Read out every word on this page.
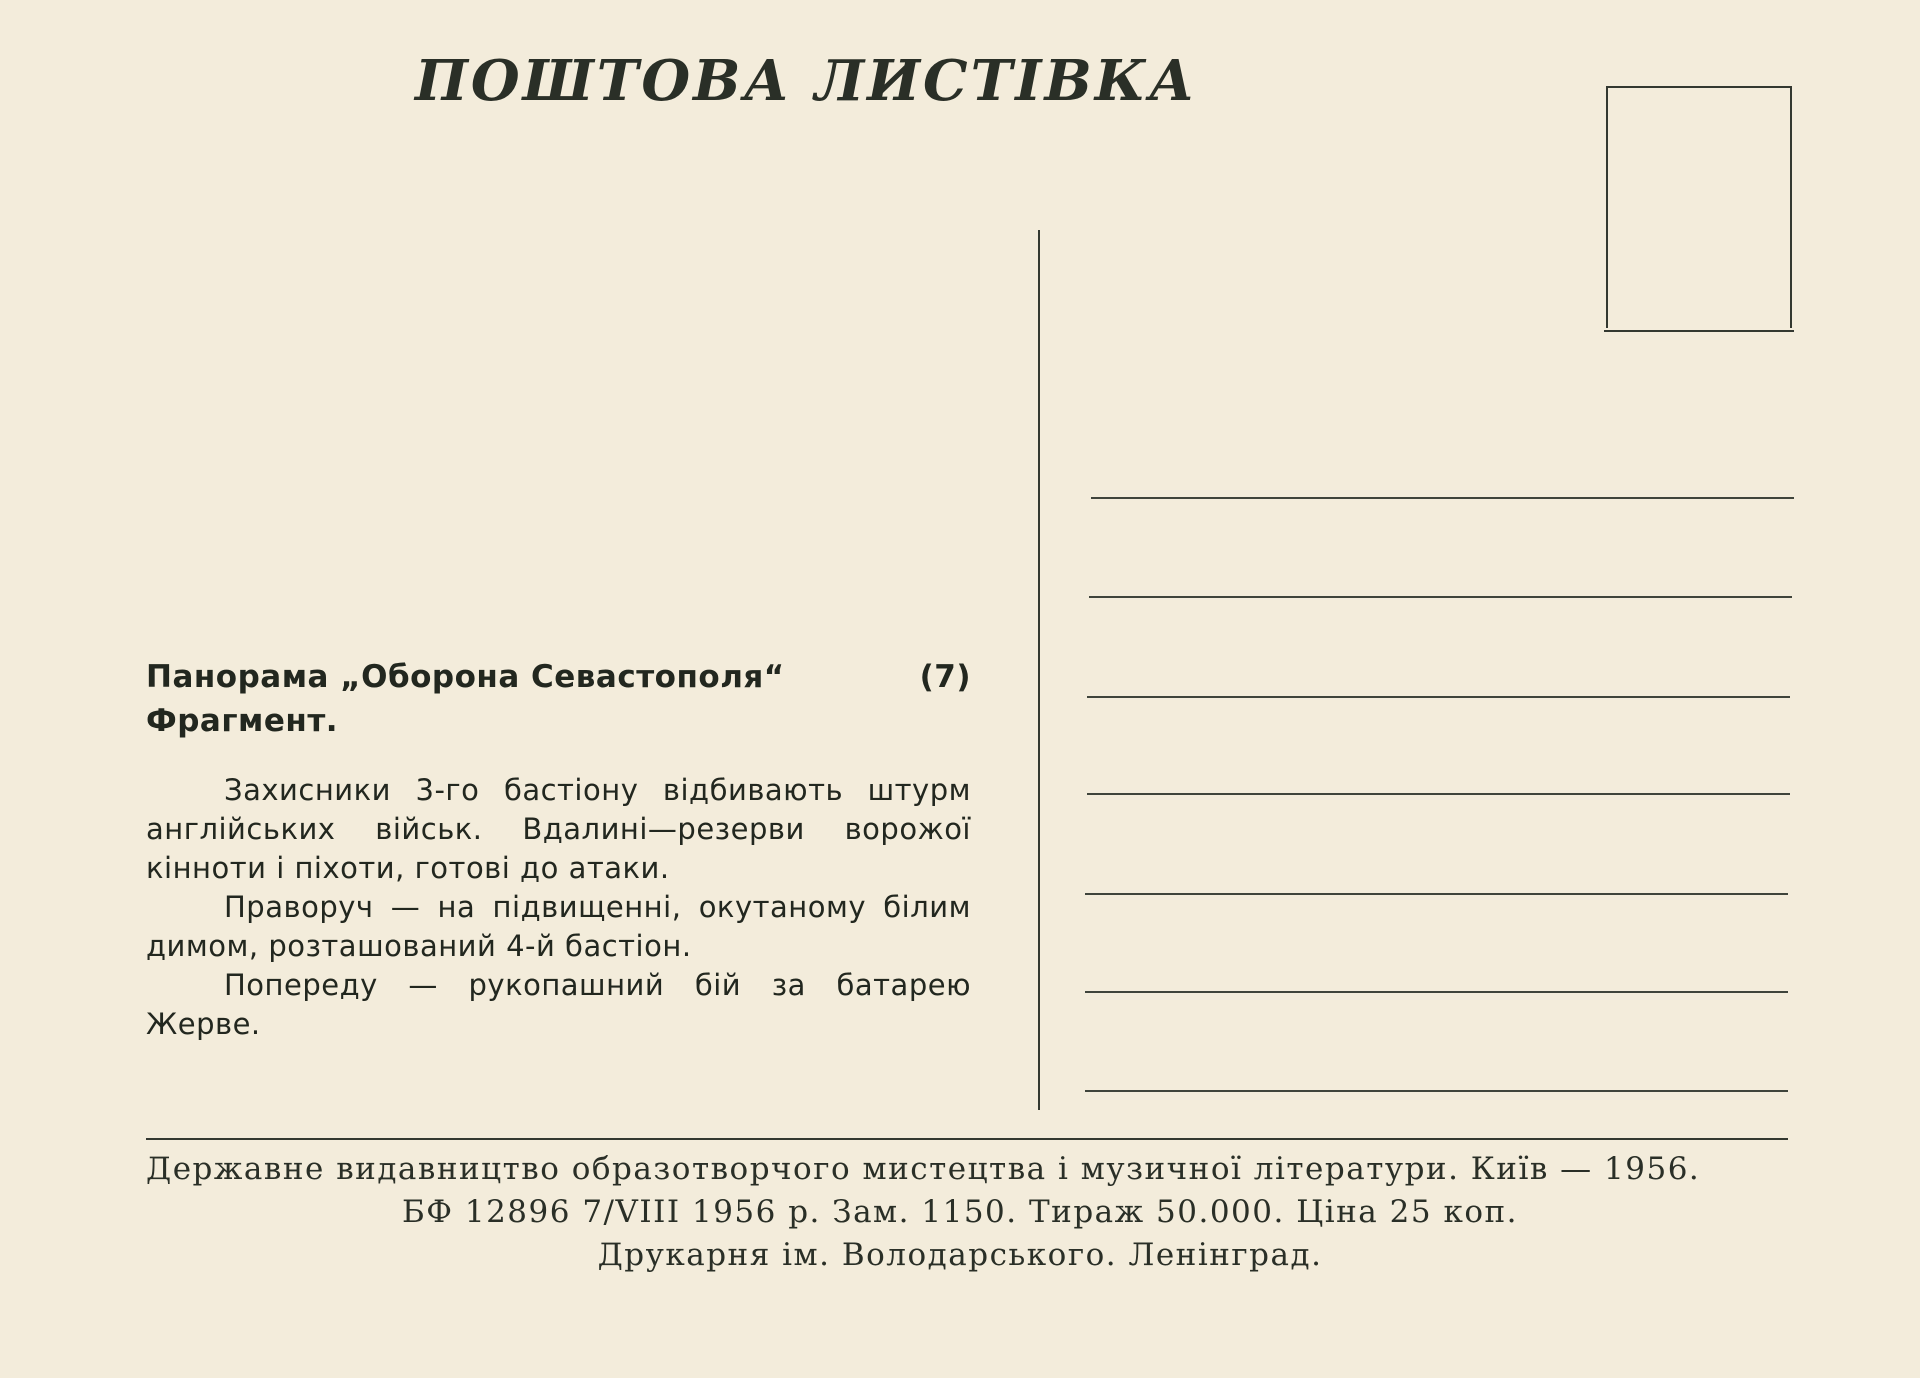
ПОШТОВА ЛИСТІВКА
Панорама „Оборона Севастополя“	(7)
Фрагмент.

Захисники 3-го бастіону відбивають штурм англійських військ. Вдалині—резерви ворожої кінноти і піхоти, готові до атаки.

Праворуч — на підвищенні, окутаному білим димом, розташований 4-й бастіон.

Попереду — рукопашний бій за батарею Жерве.

Державне видавництво образотворчого мистецтва і музичної літератури. Київ — 1956.
БФ 12896 7/VIII 1956 р. Зам. 1150. Тираж 50.000. Ціна 25 коп.
Друкарня ім. Володарського. Ленінград.
